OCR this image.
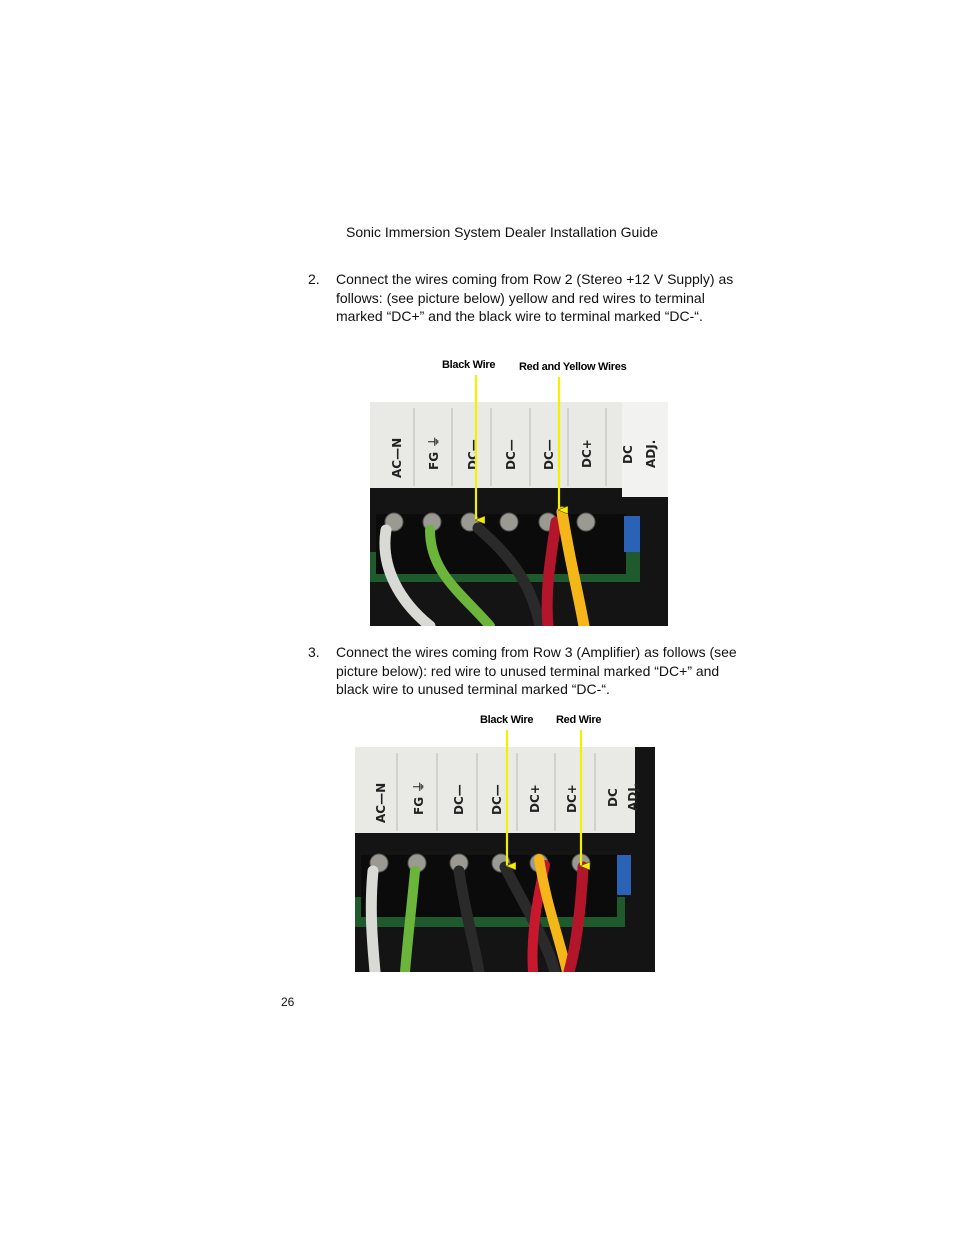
Sonic Immersion System Dealer Installation Guide
2. Connect the wires coming from Row 2 (Stereo +12 V Supply) as follows: (see picture below) yellow and red wires to terminal marked “DC+” and the black wire to terminal marked “DC-“.
Black Wire Red and Yellow Wires
AC—N FG ⏚ DC— DC— DC— DC+ DC ADJ.
3. Connect the wires coming from Row 3 (Amplifier) as follows (see picture below): red wire to unused terminal marked “DC+” and black wire to unused terminal marked “DC-“.
Black Wire Red Wire
AC—N FG ⏚ DC— DC— DC+ DC+ DC ADJ.
26
